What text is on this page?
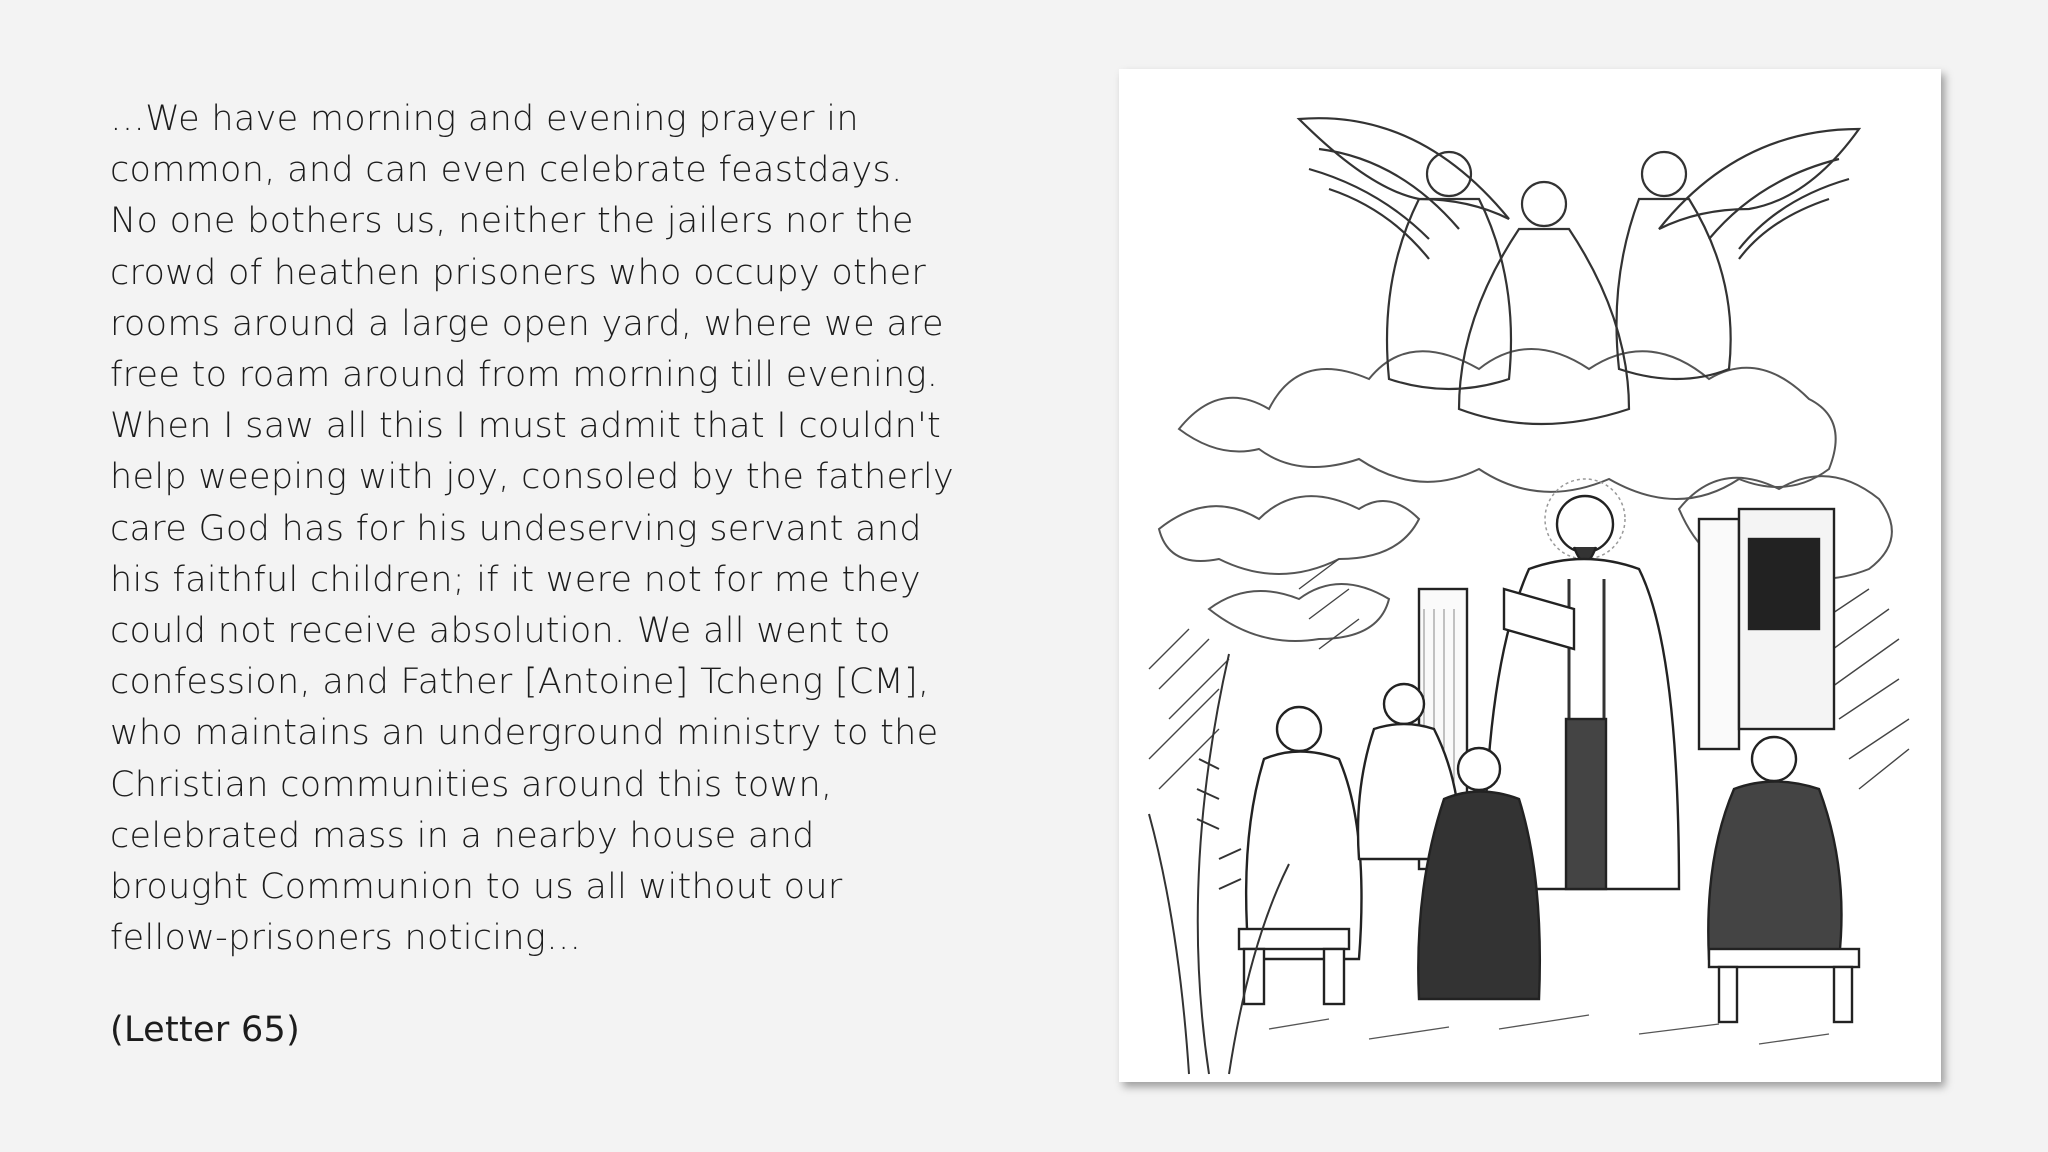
…We have morning and evening prayer in
common, and can even celebrate feastdays.
No one bothers us, neither the jailers nor the
crowd of heathen prisoners who occupy other
rooms around a large open yard, where we are
free to roam around from morning till evening.
When I saw all this I must admit that I couldn't
help weeping with joy, consoled by the fatherly
care God has for his undeserving servant and
his faithful children; if it were not for me they
could not receive absolution. We all went to
confession, and Father [Antoine] Tcheng [CM],
who maintains an underground ministry to the
Christian communities around this town,
celebrated mass in a nearby house and
brought Communion to us all without our
fellow-prisoners noticing…
(Letter 65)
